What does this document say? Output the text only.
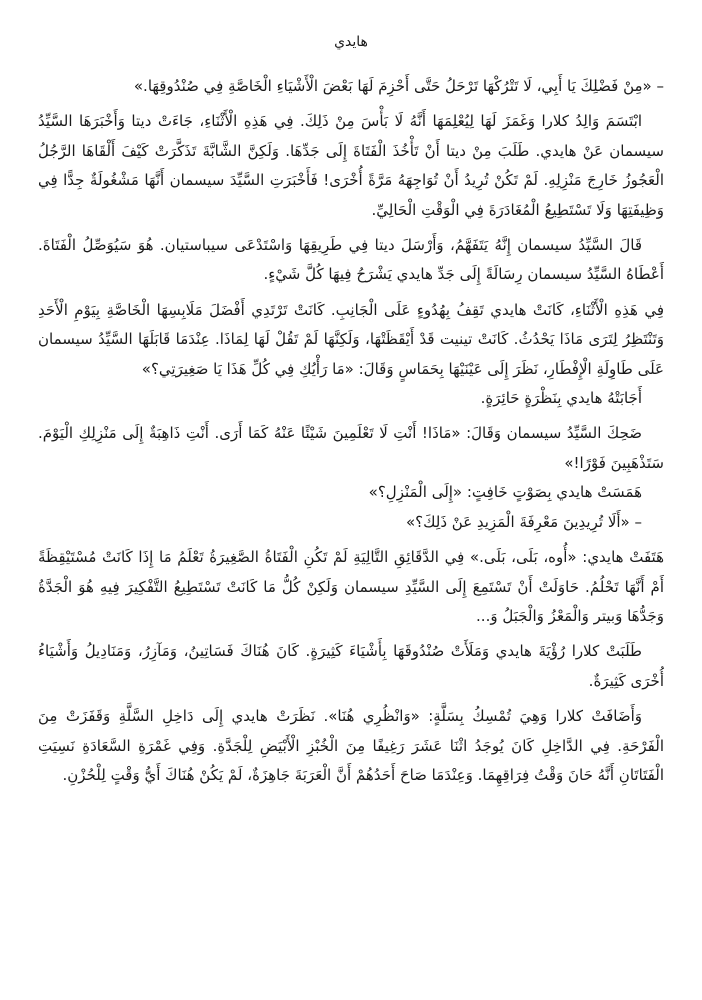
هايدي

– «مِنْ فَضْلِكَ يَا أَبِي، لَا تَتْرُكْهَا تَرْحَلُ حَتَّى أَحْزِمَ لَهَا بَعْضَ الْأَشْيَاءِ الْخَاصَّةِ فِي صُنْدُوقِهَا.»

ابْتَسَمَ وَالِدُ كلارا وَغَمَزَ لَهَا لِيُعْلِمَهَا أَنَّهُ لَا بَأْسَ مِنْ ذَلِكَ. فِي هَذِهِ الْأَثْنَاءِ، جَاءَتْ ديتا وَأَخْبَرَهَا السَّيِّدُ سيسمان عَنْ هايدي. طَلَبَ مِنْ ديتا أَنْ تَأْخُذَ الْفَتَاةَ إِلَى جَدِّهَا. وَلَكِنَّ الشَّابَّةَ تَذَكَّرَتْ كَيْفَ أَلْقَاهَا الرَّجُلُ الْعَجُوزُ خَارِجَ مَنْزِلِهِ. لَمْ تَكُنْ تُرِيدُ أَنْ تُوَاجِهَهُ مَرَّةً أُخْرَى! فَأَخْبَرَتِ السَّيِّدَ سيسمان أَنَّهَا مَشْغُولَةٌ جِدًّا فِي وَظِيفَتِهَا وَلَا تَسْتَطِيعُ الْمُغَادَرَةَ فِي الْوَقْتِ الْحَالِيِّ.

قَالَ السَّيِّدُ سيسمان إِنَّهُ يَتَفَهَّمُ، وَأَرْسَلَ ديتا فِي طَرِيقِهَا وَاسْتَدْعَى سيباستيان. هُوَ سَيُوَصِّلُ الْفَتَاةَ. أَعْطَاهُ السَّيِّدُ سيسمان رِسَالَةً إِلَى جَدِّ هايدي يَشْرَحُ فِيهَا كُلَّ شَيْءٍ.

فِي هَذِهِ الْأَثْنَاءِ، كَانَتْ هايدي تَقِفُ بِهُدُوءٍ عَلَى الْجَانِبِ. كَانَتْ تَرْتَدِي أَفْضَلَ مَلَابِسِهَا الْخَاصَّةِ بِيَوْمِ الْأَحَدِ وَتَنْتَظِرُ لِتَرَى مَاذَا يَحْدُثُ. كَانَتْ تينيت قَدْ أَيْقَظَتْهَا، وَلَكِنَّهَا لَمْ تَقُلْ لَهَا لِمَاذَا. عِنْدَمَا قَابَلَهَا السَّيِّدُ سيسمان عَلَى طَاوِلَةِ الْإِفْطَارِ، نَظَرَ إِلَى عَيْنَيْهَا بِحَمَاسٍ وَقَالَ: «مَا رَأْيُكِ فِي كُلِّ هَذَا يَا صَغِيرَتِي؟»

أَجَابَتْهُ هايدي بِنَظْرَةٍ حَائِرَةٍ.

ضَحِكَ السَّيِّدُ سيسمان وَقَالَ: «مَاذَا! أَنْتِ لَا تَعْلَمِينَ شَيْئًا عَنْهُ كَمَا أَرَى. أَنْتِ ذَاهِبَةٌ إِلَى مَنْزِلِكِ الْيَوْمَ. سَتَذْهَبِينَ فَوْرًا!»

هَمَسَتْ هايدي بِصَوْتٍ خَافِتٍ: «إِلَى الْمَنْزِلِ؟»

– «أَلَا تُرِيدِينَ مَعْرِفَةَ الْمَزِيدِ عَنْ ذَلِكَ؟»

هَتَفَتْ هايدي: «أُوه، بَلَى، بَلَى.» فِي الدَّقَائِقِ التَّالِيَةِ لَمْ تَكُنِ الْفَتَاةُ الصَّغِيرَةُ تَعْلَمُ مَا إِذَا كَانَتْ مُسْتَيْقِظَةً أَمْ أَنَّهَا تَحْلُمُ. حَاوَلَتْ أَنْ تَسْتَمِعَ إِلَى السَّيِّدِ سيسمان وَلَكِنْ كُلُّ مَا كَانَتْ تَسْتَطِيعُ التَّفْكِيرَ فِيهِ هُوَ الْجَدَّةُ وَجَدُّهَا وَبيتر وَالْمَعْزُ وَالْجَبَلُ وَ...

طَلَبَتْ كلارا رُؤْيَةَ هايدي وَمَلَأَتْ صُنْدُوقَهَا بِأَشْيَاءَ كَثِيرَةٍ. كَانَ هُنَاكَ فَسَاتِينُ، وَمَآزِرُ، وَمَنَادِيلُ وَأَشْيَاءُ أُخْرَى كَثِيرَةٌ.

وَأَضَافَتْ كلارا وَهِيَ تُمْسِكُ بِسَلَّةٍ: «وَانْظُرِي هُنَا». نَظَرَتْ هايدي إِلَى دَاخِلِ السَّلَّةِ وَقَفَزَتْ مِنَ الْفَرْحَةِ. فِي الدَّاخِلِ كَانَ يُوجَدُ اثْنَا عَشَرَ رَغِيفًا مِنَ الْخُبْزِ الْأَبْيَضِ لِلْجَدَّةِ. وَفِي غَمْرَةِ السَّعَادَةِ نَسِيَتِ الْفَتَاتَانِ أَنَّهُ حَانَ وَقْتُ فِرَاقِهِمَا. وَعِنْدَمَا صَاحَ أَحَدُهُمْ أَنَّ الْعَرَبَةَ جَاهِزَةٌ، لَمْ يَكُنْ هُنَاكَ أَيُّ وَقْتٍ لِلْحُزْنِ.
